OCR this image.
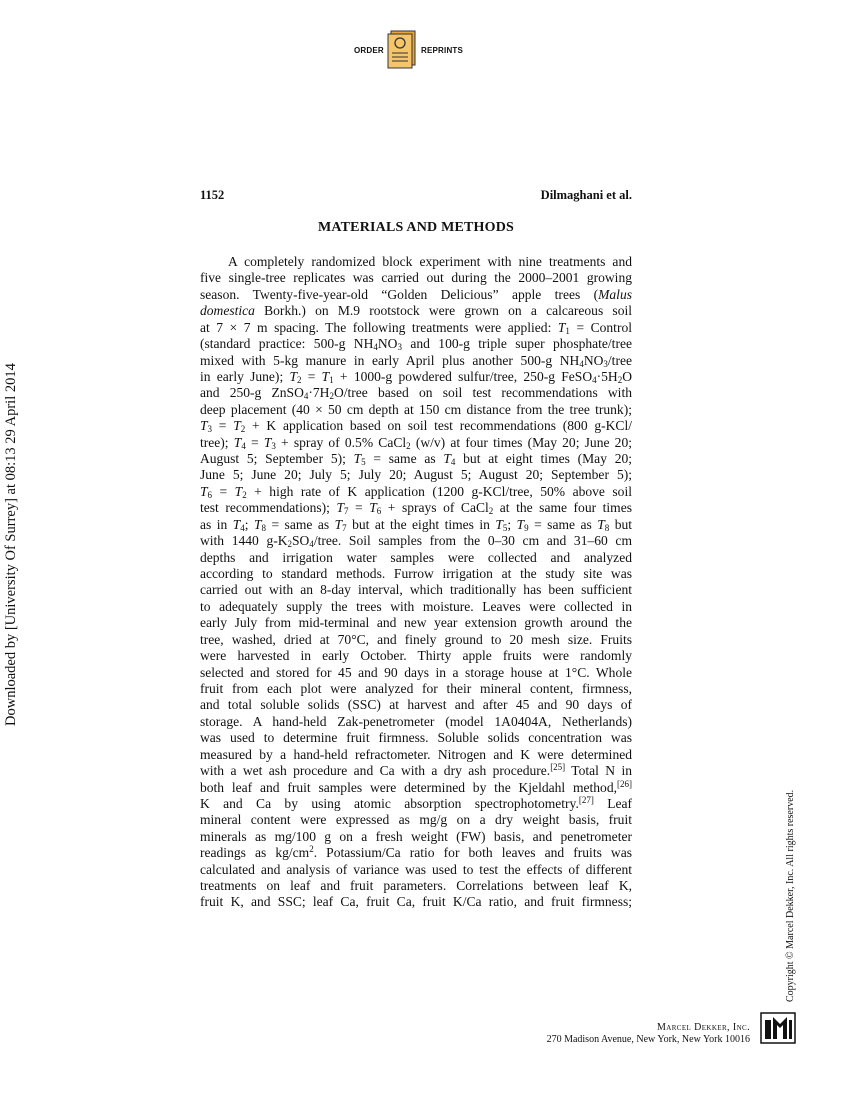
ORDER	REPRINTS
Downloaded by [University Of Surrey] at 08:13 29 April 2014
Copyright © Marcel Dekker, Inc. All rights reserved.
1152	Dilmaghani et al.
MATERIALS AND METHODS
A completely randomized block experiment with nine treatments and
five single-tree replicates was carried out during the 2000–2001 growing
season. Twenty-five-year-old “Golden Delicious” apple trees (Malus
domestica Borkh.) on M.9 rootstock were grown on a calcareous soil
at 7 × 7 m spacing. The following treatments were applied: $T_1$ = Control
(standard practice: 500-g $NH_4NO_3$ and 100-g triple super phosphate/tree
mixed with 5-kg manure in early April plus another 500-g $NH_4NO_3$/tree
in early June); $T_2 = T_1 + 1000-g$ powdered sulfur/tree, 250-g $FeSO_4\cdot 5H_2O$
and 250-g $ZnSO_4\cdot 7H_2O$/tree based on soil test recommendations with
deep placement (40 × 50 cm depth at 150 cm distance from the tree trunk);
$T_3 = T_2 + K$ application based on soil test recommendations (800 g-KCl/
tree); $T_4 = T_3$ + spray of 0.5% CaCl$_2$ (w/v) at four times (May 20; June 20;
August 5; September 5); $T_5$ = same as $T_4$ but at eight times (May 20;
June 5; June 20; July 5; July 20; August 5; August 20; September 5);
$T_6 = T_2$ + high rate of K application (1200 g-KCl/tree, 50% above soil
test recommendations); $T_7 = T_6$ + sprays of CaCl$_2$ at the same four times
as in $T_4$; $T_8$ = same as $T_7$ but at the eight times in $T_5$; $T_9$ = same as $T_8$ but
with 1440 $g-K_2SO_4$/tree. Soil samples from the 0–30 cm and 31–60 cm
depths and irrigation water samples were collected and analyzed
according to standard methods. Furrow irrigation at the study site was
carried out with an 8-day interval, which traditionally has been sufficient
to adequately supply the trees with moisture. Leaves were collected in
early July from mid-terminal and new year extension growth around the
tree, washed, dried at 70°C, and finely ground to 20 mesh size. Fruits
were harvested in early October. Thirty apple fruits were randomly
selected and stored for 45 and 90 days in a storage house at 1°C. Whole
fruit from each plot were analyzed for their mineral content, firmness,
and total soluble solids (SSC) at harvest and after 45 and 90 days of
storage. A hand-held Zak-penetrometer (model 1A0404A, Netherlands)
was used to determine fruit firmness. Soluble solids concentration was
measured by a hand-held refractometer. Nitrogen and K were determined
with a wet ash procedure and Ca with a dry ash procedure.[25] Total N in
both leaf and fruit samples were determined by the Kjeldahl method,[26]
K and Ca by using atomic absorption spectrophotometry.[27] Leaf
mineral content were expressed as mg/g on a dry weight basis, fruit
minerals as mg/100 g on a fresh weight (FW) basis, and penetrometer
readings as $kg/cm^2$. Potassium/Ca ratio for both leaves and fruits was
calculated and analysis of variance was used to test the effects of different
treatments on leaf and fruit parameters. Correlations between leaf K,
fruit K, and SSC; leaf Ca, fruit Ca, fruit K/Ca ratio, and fruit firmness;
Marcel Dekker, Inc.
270 Madison Avenue, New York, New York 10016
